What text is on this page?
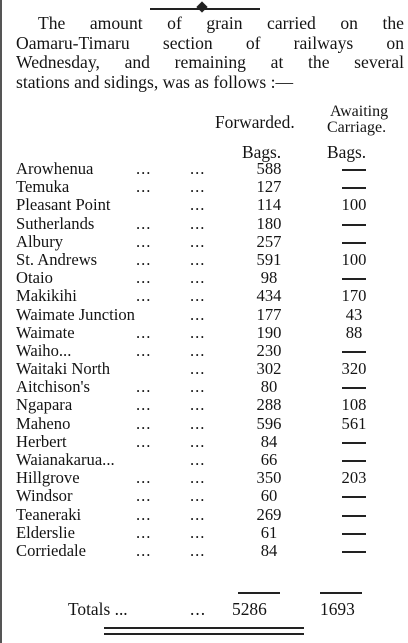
The amount of grain carried on the
Oamaru-Timaru section of railways on
Wednesday, and remaining at the several
stations and sidings, was as follows :—
Forwarded.
Awaiting
Carriage.
Bags.	Bags.
Arowhenua	... ...	588
Temuka	... ...	127
Pleasant Point	...	114	100
Sutherlands	... ...	180
Albury	... ...	257
St. Andrews ... ...	591	100
Otaio	... ...	98
Makikihi	... ...	434	170
Waimate Junction	...	177	43
Waimate	... ...	190	88
Waiho...	... ...	230
Waitaki North	...	302	320
Aitchison's	... ...	80
Ngapara	... ...	288	108
Maheno	... ...	596	561
Herbert	... ...	84
Waianakarua...	...	66
Hillgrove	... ...	350	203
Windsor	... ...	60
Teaneraki	... ...	269
Elderslie	... ...	61
Corriedale	... ...	84
Totals ...	... 5286	1693
